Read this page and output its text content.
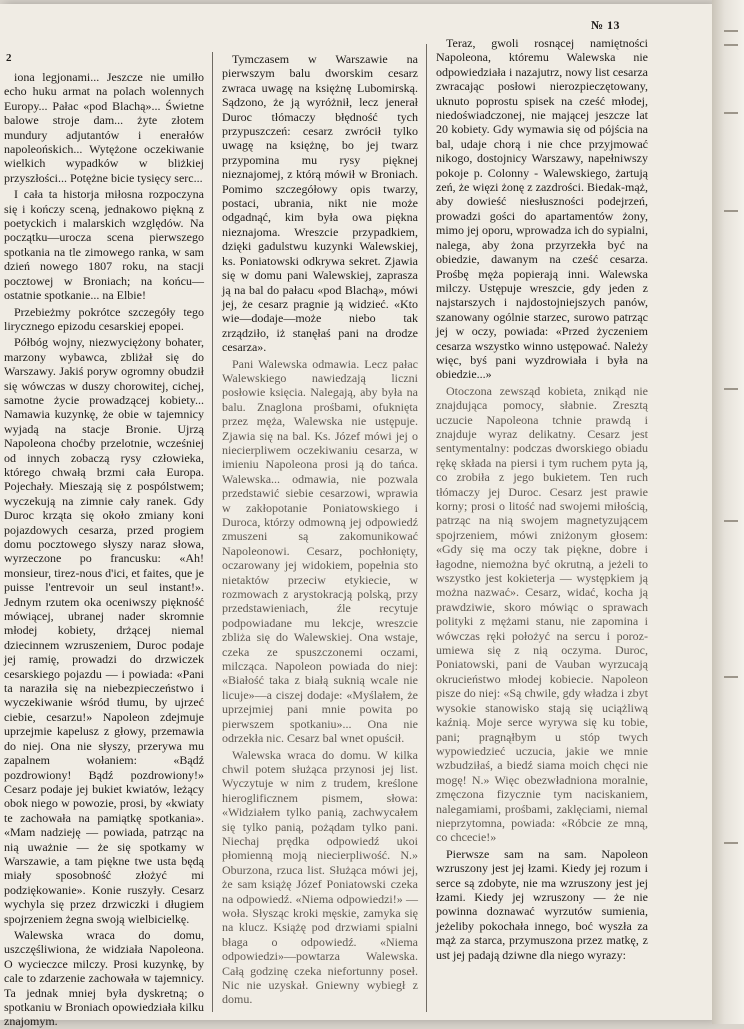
2
№ 13

iona legjonami... Jeszcze nie umilło echo huku armat na polach wolennych Europy... Pałac «pod Blachą»... Świetne balowe stroje dam... żyte złotem mundury adjutantów i enerałów napoleońskich... Wytężone oczekiwanie wielkich wypadków w bliżkiej przyszłości... Potężne bicie tysięcy serc...

I cała ta historja miłosna rozpoczyna się i kończy sceną, jednakowo piękną z poetyckich i malarskich względów. Na początku—urocza scena pierwszego spotkania na tle zimowego ranka, w sam dzień nowego 1807 roku, na stacji pocztowej w Broniach; na końcu—ostatnie spotkanie... na Elbie!

Przebieżmy pokrótce szczegóły tego lirycznego epizodu cesarskiej epopei.

Półbóg wojny, niezwyciężony bohater, marzony wybawca, zbliżał się do Warszawy. Jakiś poryw ogromny obudził się wówczas w duszy chorowitej, cichej, samotne życie prowadzącej kobiety... Namawia kuzynkę, że obie w tajemnicy wyjadą na stacje Bronie. Ujrzą Napoleona choćby przelotnie, wcześniej od innych zobaczą rysy człowieka, którego chwałą brzmi cała Europa. Pojechały. Mieszają się z pospólstwem; wyczekują na zimnie cały ranek. Gdy Duroc krząta się około zmiany koni pojazdowych cesarza, przed progiem domu pocztowego słyszy naraz słowa, wyrzeczone po francusku: «Ah! monsieur, tirez-nous d'ici, et faites, que je puisse l'entrevoir un seul instant!». Jednym rzutem oka oceniwszy piękność mówiącej, ubranej nader skromnie młodej kobiety, drżącej niemal dziecinnem wzruszeniem, Duroc podaje jej ramię, prowadzi do drzwiczek cesarskiego pojazdu — i powiada: «Pani ta naraziła się na niebezpieczeństwo i wyczekiwanie wśród tłumu, by ujrzeć ciebie, cesarzu!» Napoleon zdejmuje uprzejmie kapelusz z głowy, przemawia do niej. Ona nie słyszy, przerywa mu zapalnem wołaniem: «Bądź pozdrowiony! Bądź pozdrowiony!» Cesarz podaje jej bukiet kwiatów, leżący obok niego w powozie, prosi, by «kwiaty te zachowała na pamiątkę spotkania». «Mam nadzieję — powiada, patrząc na nią uważnie — że się spotkamy w Warszawie, a tam piękne twe usta będą miały sposobność złożyć mi podziękowanie». Konie ruszyły. Cesarz wychyla się przez drzwiczki i długiem spojrzeniem żegna swoją wielbicielkę.

Walewska wraca do domu, uszczęśliwiona, że widziała Napoleona. O wycieczce milczy. Prosi kuzynkę, by cale to zdarzenie zachowała w tajemnicy. Ta jednak mniej była dyskretną; o spotkaniu w Broniach opowiedziała kilku znajomym.

Tymczasem w Warszawie na pierwszym balu dworskim cesarz zwraca uwagę na księżnę Lubomirską. Sądzono, że ją wyróżnił, lecz jenerał Duroc tłómaczy błędność tych przypuszczeń: cesarz zwrócił tylko uwagę na księżnę, bo jej twarz przypomina mu rysy pięknej nieznajomej, z którą mówił w Broniach. Pomimo szczegółowy opis twarzy, postaci, ubrania, nikt nie może odgadnąć, kim była owa piękna nieznajoma. Wreszcie przypadkiem, dzięki gadulstwu kuzynki Walewskiej, ks. Poniatowski odkrywa sekret. Zjawia się w domu pani Walewskiej, zaprasza ją na bal do pałacu «pod Blachą», mówi jej, że cesarz pragnie ją widzieć. «Kto wie—dodaje—może niebo tak zrządziło, iż stanęłaś pani na drodze cesarza».

Pani Walewska odmawia. Lecz pałac Walewskiego nawiedzają liczni posłowie księcia. Nalegają, aby była na balu. Znaglona prośbami, ofuknięta przez męża, Walewska nie ustępuje. Zjawia się na bal. Ks. Józef mówi jej o niecierpliwem oczekiwaniu cesarza, w imieniu Napoleona prosi ją do tańca. Walewska... odmawia, nie pozwala przedstawić siebie cesarzowi, wprawia w zakłopotanie Poniatowskiego i Duroca, którzy odmowną jej odpowiedź zmuszeni są zakomunikować Napoleonowi. Cesarz, pochłonięty, oczarowany jej widokiem, popełnia sto nietaktów przeciw etykiecie, w rozmowach z arystokracją polską, przy przedstawieniach, źle recytuje podpowiadane mu lekcje, wreszcie zbliża się do Walewskiej. Ona wstaje, czeka ze spuszczonemi oczami, milcząca. Napoleon powiada do niej: «Białość taka z białą suknią wcale nie licuje»—a ciszej dodaje: «Myślałem, że uprzejmiej pani mnie powita po pierwszem spotkaniu»... Ona nie odrzekła nic. Cesarz bal wnet opuścił.

Walewska wraca do domu. W kilka chwil potem służąca przynosi jej list. Wyczytuje w nim z trudem, kreślone hieroglificznem pismem, słowa: «Widziałem tylko panią, zachwycałem się tylko panią, pożądam tylko pani. Niechaj prędka odpowiedź ukoi płomienną moją niecierpliwość. N.» Oburzona, rzuca list. Służąca mówi jej, że sam książę Józef Poniatowski czeka na odpowiedź. «Niema odpowiedzi!» — woła. Słysząc kroki męskie, zamyka się na klucz. Książę pod drzwiami spialni błaga o odpowiedź. «Niema odpowiedzi»—powtarza Walewska. Całą godzinę czeka niefortunny poseł. Nic nie uzyskał. Gniewny wybiegł z domu.

Teraz, gwoli rosnącej namiętności Napoleona, któremu Walewska nie odpowiedziała i nazajutrz, nowy list cesarza zwracając posłowi nierozpieczętowany, uknuto poprostu spisek na cześć młodej, niedoświadczonej, nie mającej jeszcze lat 20 kobiety. Gdy wymawia się od pójścia na bal, udaje chorą i nie chce przyjmować nikogo, dostojnicy Warszawy, napełniwszy pokoje p. Colonny - Walewskiego, żartują zeń, że więzi żonę z zazdrości. Biedak-mąż, aby dowieść niesłuszności podejrzeń, prowadzi gości do apartamentów żony, mimo jej oporu, wprowadza ich do sypialni, nalega, aby żona przyrzekła być na obiedzie, dawanym na cześć cesarza. Prośbę męża popierają inni. Walewska milczy. Ustępuje wreszcie, gdy jeden z najstarszych i najdostojniejszych panów, szanowany ogólnie starzec, surowo patrząc jej w oczy, powiada: «Przed życzeniem cesarza wszystko winno ustępować. Należy więc, byś pani wyzdrowiała i była na obiedzie...»

Otoczona zewsząd kobieta, znikąd nie znajdująca pomocy, słabnie. Zresztą uczucie Napoleona tchnie prawdą i znajduje wyraz delikatny. Cesarz jest sentymentalny: podczas dworskiego obiadu rękę składa na piersi i tym ruchem pyta ją, co zrobiła z jego bukietem. Ten ruch tłómaczy jej Duroc. Cesarz jest prawie korny; prosi o litość nad swojemi miłością, patrząc na nią swojem magnetyzującem spojrzeniem, mówi zniżonym głosem: «Gdy się ma oczy tak piękne, dobre i łagodne, niemożna być okrutną, a jeżeli to wszystko jest kokieterja — występkiem ją można nazwać». Cesarz, widać, kocha ją prawdziwie, skoro mówiąc o sprawach polityki z mężami stanu, nie zapomina i wówczas ręki położyć na sercu i porozumiewa się z nią oczyma. Duroc, Poniatowski, pani de Vauban wyrzucają okrucieństwo młodej kobiecie. Napoleon pisze do niej: «Są chwile, gdy władza i zbyt wysokie stanowisko stają się uciążliwą kaźnią. Moje serce wyrywa się ku tobie, pani; pragnąłbym u stóp twych wypowiedzieć uczucia, jakie we mnie wzbudziłaś, a biedź siama moich chęci nie mogę! N.» Więc obezwładniona moralnie, zmęczona fizycznie tym naciskaniem, nalegamiami, prośbami, zaklęciami, niemal nieprzytomna, powiada: «Róbcie ze mną, co chcecie!»

Pierwsze sam na sam. Napoleon wzruszony jest jej łzami. Kiedy jej rozum i serce są zdobyte, nie ma wzruszony jest jej łzami. Kiedy jej wzruszony — że nie powinna doznawać wyrzutów sumienia, jeżeliby pokochała innego, boć wyszła za mąż za starca, przymuszona przez matkę, z ust jej padają dziwne dla niego wyrazy:
